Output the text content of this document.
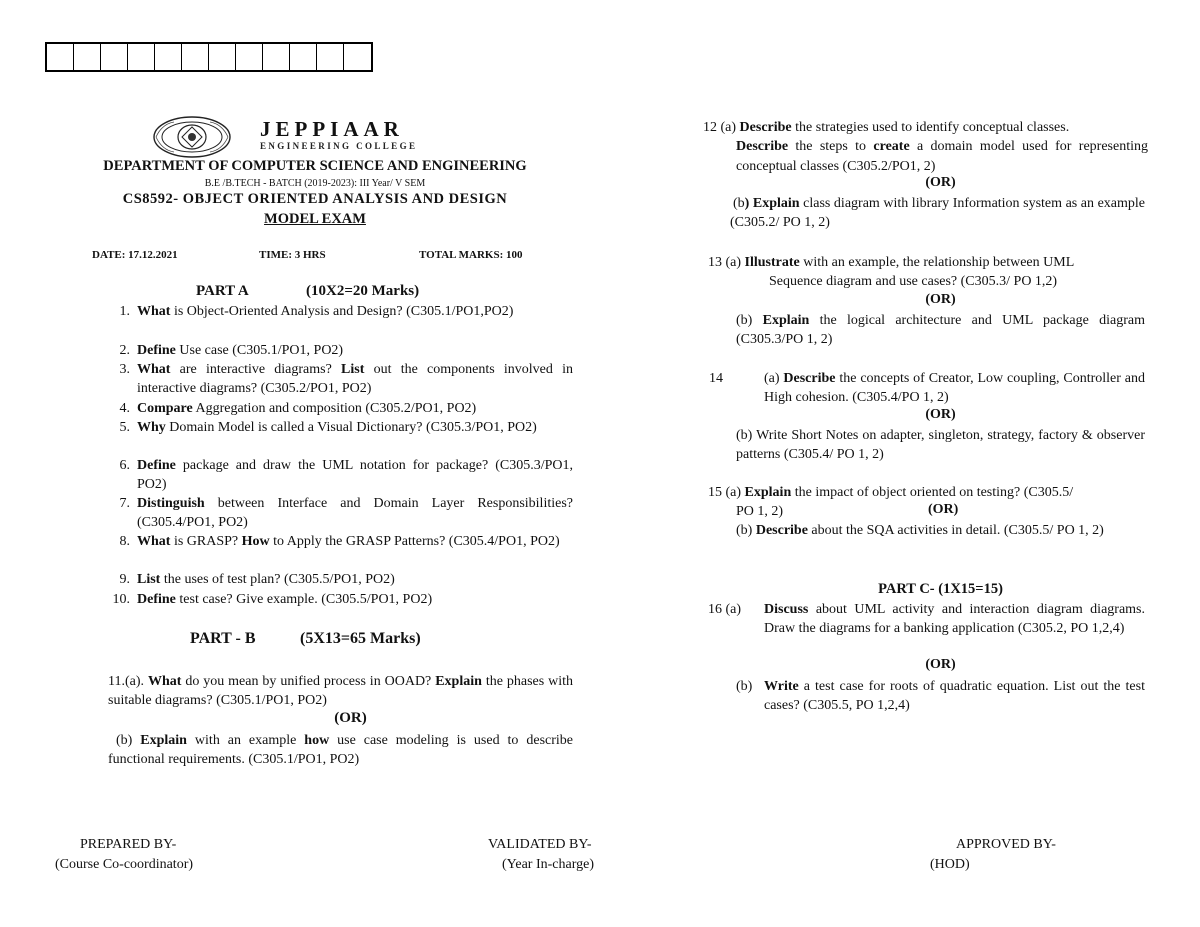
JEPPIAAR
ENGINEERING COLLEGE
DEPARTMENT OF COMPUTER SCIENCE AND ENGINEERING
B.E /B.TECH - BATCH (2019-2023): III Year/ V SEM
CS8592- OBJECT ORIENTED ANALYSIS AND DESIGN
MODEL EXAM
DATE: 17.12.2021	TIME: 3 HRS	TOTAL MARKS: 100
PART A	(10X2=20 Marks)
1. What is Object-Oriented Analysis and Design? (C305.1/PO1,PO2)
2. Define Use case (C305.1/PO1, PO2)
3. What are interactive diagrams? List out the components involved in interactive diagrams? (C305.2/PO1, PO2)
4. Compare Aggregation and composition (C305.2/PO1, PO2)
5. Why Domain Model is called a Visual Dictionary? (C305.3/PO1, PO2)
6. Define package and draw the UML notation for package? (C305.3/PO1, PO2)
7. Distinguish between Interface and Domain Layer Responsibilities? (C305.4/PO1, PO2)
8. What is GRASP? How to Apply the GRASP Patterns? (C305.4/PO1, PO2)
9. List the uses of test plan? (C305.5/PO1, PO2)
10. Define test case? Give example. (C305.5/PO1, PO2)
PART - B	(5X13=65 Marks)
11.(a). What do you mean by unified process in OOAD? Explain the phases with suitable diagrams? (C305.1/PO1, PO2)
(OR)
(b) Explain with an example how use case modeling is used to describe functional requirements. (C305.1/PO1, PO2)
12 (a) Describe the strategies used to identify conceptual classes.
Describe the steps to create a domain model used for representing conceptual classes (C305.2/PO1, 2)
(OR)
(b) Explain class diagram with library Information system as an example (C305.2/ PO 1, 2)
13 (a) Illustrate with an example, the relationship between UML
Sequence diagram and use cases? (C305.3/ PO 1,2)
(OR)
(b) Explain the logical architecture and UML package diagram (C305.3/PO 1, 2)
14	(a) Describe the concepts of Creator, Low coupling, Controller and High cohesion. (C305.4/PO 1, 2)
(OR)
(b) Write Short Notes on adapter, singleton, strategy, factory & observer patterns (C305.4/ PO 1, 2)
15 (a) Explain the impact of object oriented on testing? (C305.5/
PO 1, 2)	(OR)
(b) Describe about the SQA activities in detail. (C305.5/ PO 1, 2)
PART C- (1X15=15)
16 (a)	Discuss about UML activity and interaction diagram diagrams. Draw the diagrams for a banking application (C305.2, PO 1,2,4)
(OR)
(b) Write a test case for roots of quadratic equation. List out the test cases? (C305.5, PO 1,2,4)
PREPARED BY-
(Course Co-coordinator)
VALIDATED BY-
(Year In-charge)
APPROVED BY-
(HOD)
